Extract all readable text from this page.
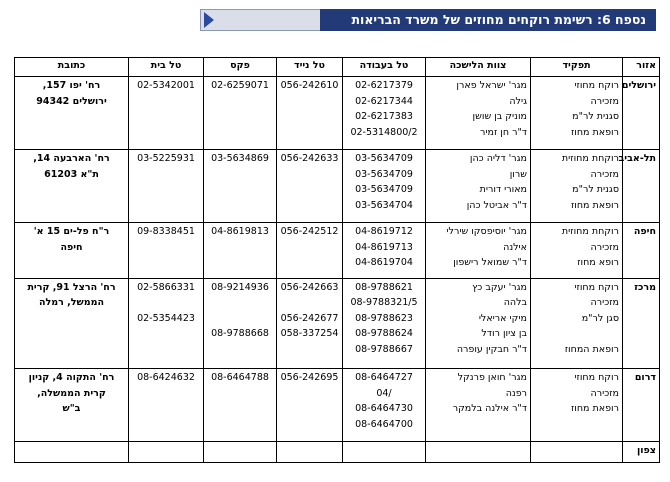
נספח 6: רשימת רוקחים מחוזים של משרד הבריאות
אזור	תפקיד	צוות הלישכה	טל בעבודה	טל נייד	פקס	טל בית	כתובת

ירושלים	רוקח מחוזי
מזכירה
סגנית לר"מ
רופאת מחוז	מגר' ישראל פארן
גילה
מוניק בן שושן
ד"ר חן זמיר	02-6217379
02-6217344
02-6217383
02-5314800/2	056-242610	02-6259071	02-5342001	רח' יפו 157,
ירושלים 94342

תל-אביב	רוקחת מחוזית
מזכירה
סגנית לר"מ
רופאת מחוז	מגר' דליה כהן
שרון
מאורי דורית
ד"ר אביטל כהן	03-5634709
03-5634709
03-5634709
03-5634704	056-242633	03-5634869	03-5225931	רח' הארבעה 14,
ת"א 61203

חיפה	רוקחת מחוזית
מזכירה
רופא מחוז	מגר' יוסיפסקו שירלי
אילנה
ד"ר שמואל רישפון	04-8619712
04-8619713
04-8619704	056-242512	04-8619813	09-8338451	ר"ח פל-ים 15 א'
חיפה

מרכז	רוקח מחוזי
מזכירה
סגן לר"מ
רופאת המחוז	מגר' יעקב כץ
בלהה
מיקי אריאלי
בן ציון רודל
ד"ר חבקין עופרה	08-9788621
08-9788321/5
08-9788623
08-9788624
08-9788667	056-242663
056-242677
058-337254	08-9214936
08-9788668	02-5866331
02-5354423	רח' הרצל 91, קרית
הממשל, רמלה

דרום	רוקח מחוזי
מזכירה
רופאת מחוז	מגר' חואן פרנקל
רפנה
ד"ר אילנה בלמקר	08-6464727
04/
08-6464730
08-6464700	056-242695	08-6464788	08-6424632	רח' התקוה 4, קניון
קרית הממשלה,
ב"ש

צפון							
